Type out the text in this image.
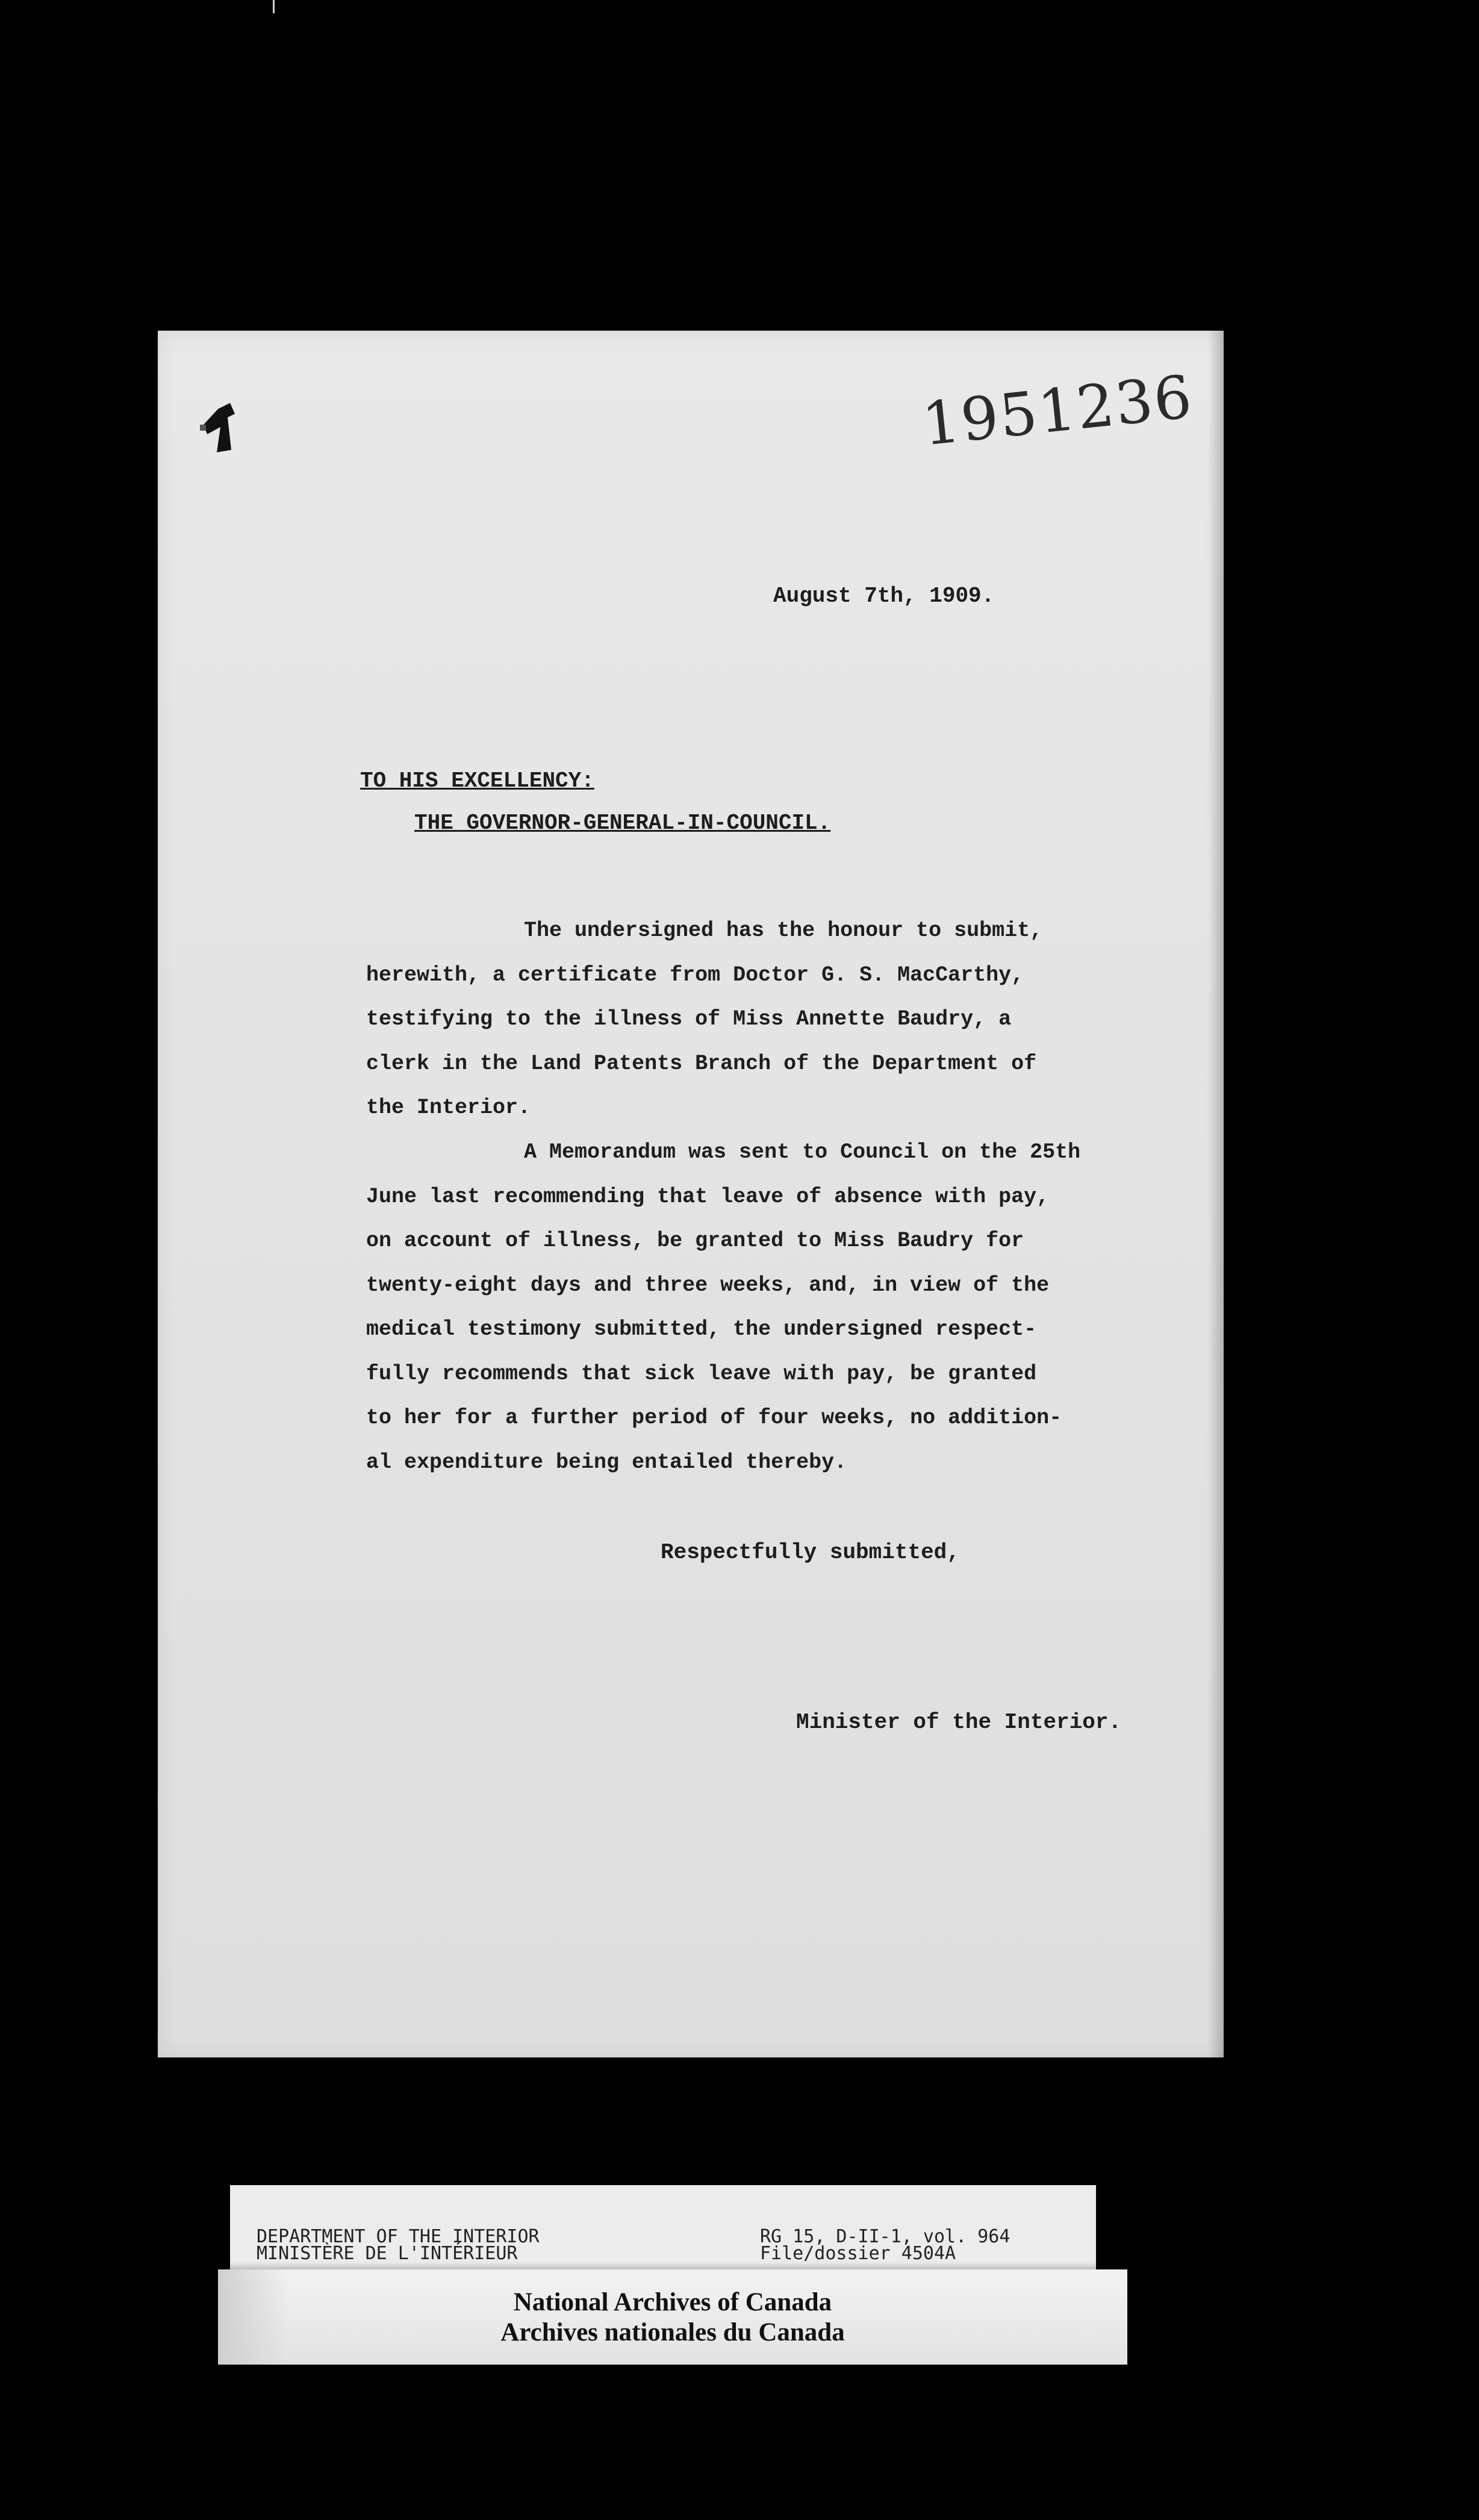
1951236
August 7th, 1909.
TO HIS EXCELLENCY:
THE GOVERNOR-GENERAL-IN-COUNCIL.
The undersigned has the honour to submit,
herewith, a certificate from Doctor G. S. MacCarthy,
testifying to the illness of Miss Annette Baudry, a
clerk in the Land Patents Branch of the Department of
the Interior.
A Memorandum was sent to Council on the 25th
June last recommending that leave of absence with pay,
on account of illness, be granted to Miss Baudry for
twenty-eight days and three weeks, and, in view of the
medical testimony submitted, the undersigned respect-
fully recommends that sick leave with pay, be granted
to her for a further period of four weeks, no addition-
al expenditure being entailed thereby.
Respectfully submitted,
Minister of the Interior.
DEPARTMENT OF THE INTERIOR
MINISTÈRE DE L'INTÉRIEUR
RG 15, D-II-1, vol. 964
File/dossier 4504A
National Archives of Canada
Archives nationales du Canada
